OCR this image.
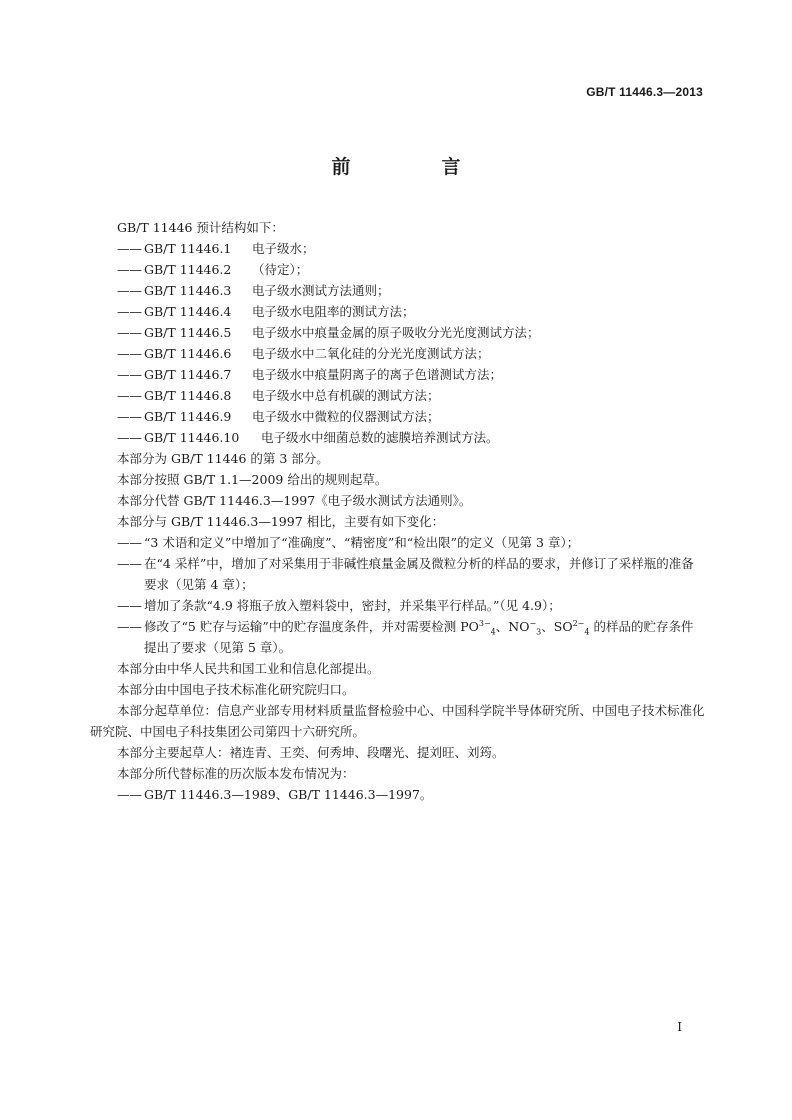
GB/T 11446.3—2013
前　言

GB/T 11446 预计结构如下：

—— GB/T 11446.1 电子级水；

—— GB/T 11446.2 （待定）；

—— GB/T 11446.3 电子级水测试方法通则；

—— GB/T 11446.4 电子级水电阻率的测试方法；

—— GB/T 11446.5 电子级水中痕量金属的原子吸收分光光度测试方法；

—— GB/T 11446.6 电子级水中二氧化硅的分光光度测试方法；

—— GB/T 11446.7 电子级水中痕量阴离子的离子色谱测试方法；

—— GB/T 11446.8 电子级水中总有机碳的测试方法；

—— GB/T 11446.9 电子级水中微粒的仪器测试方法；

—— GB/T 11446.10 电子级水中细菌总数的滤膜培养测试方法。

本部分为 GB/T 11446 的第 3 部分。

本部分按照 GB/T 1.1—2009 给出的规则起草。

本部分代替 GB/T 11446.3—1997《电子级水测试方法通则》。

本部分与 GB/T 11446.3—1997 相比，主要有如下变化：

—— “3 术语和定义”中增加了“准确度”、“精密度”和“检出限”的定义（见第 3 章）；

—— 在“4 采样”中，增加了对采集用于非碱性痕量金属及微粒分析的样品的要求，并修订了采样瓶的准备要求（见第 4 章）；

—— 增加了条款“4.9 将瓶子放入塑料袋中，密封，并采集平行样品。”（见 4.9）；

—— 修改了“5 贮存与运输”中的贮存温度条件，并对需要检测 $PO^{3-}_4$、$NO^-_3$、$SO^{2-}_4$ 的样品的贮存条件提出了要求（见第 5 章）。

本部分由中华人民共和国工业和信息化部提出。

本部分由中国电子技术标准化研究院归口。

本部分起草单位：信息产业部专用材料质量监督检验中心、中国科学院半导体研究所、中国电子技术标准化研究院、中国电子科技集团公司第四十六研究所。

本部分主要起草人：褚连青、王奕、何秀坤、段曙光、提刘旺、刘筠。

本部分所代替标准的历次版本发布情况为：

—— GB/T 11446.3—1989、GB/T 11446.3—1997。

I
